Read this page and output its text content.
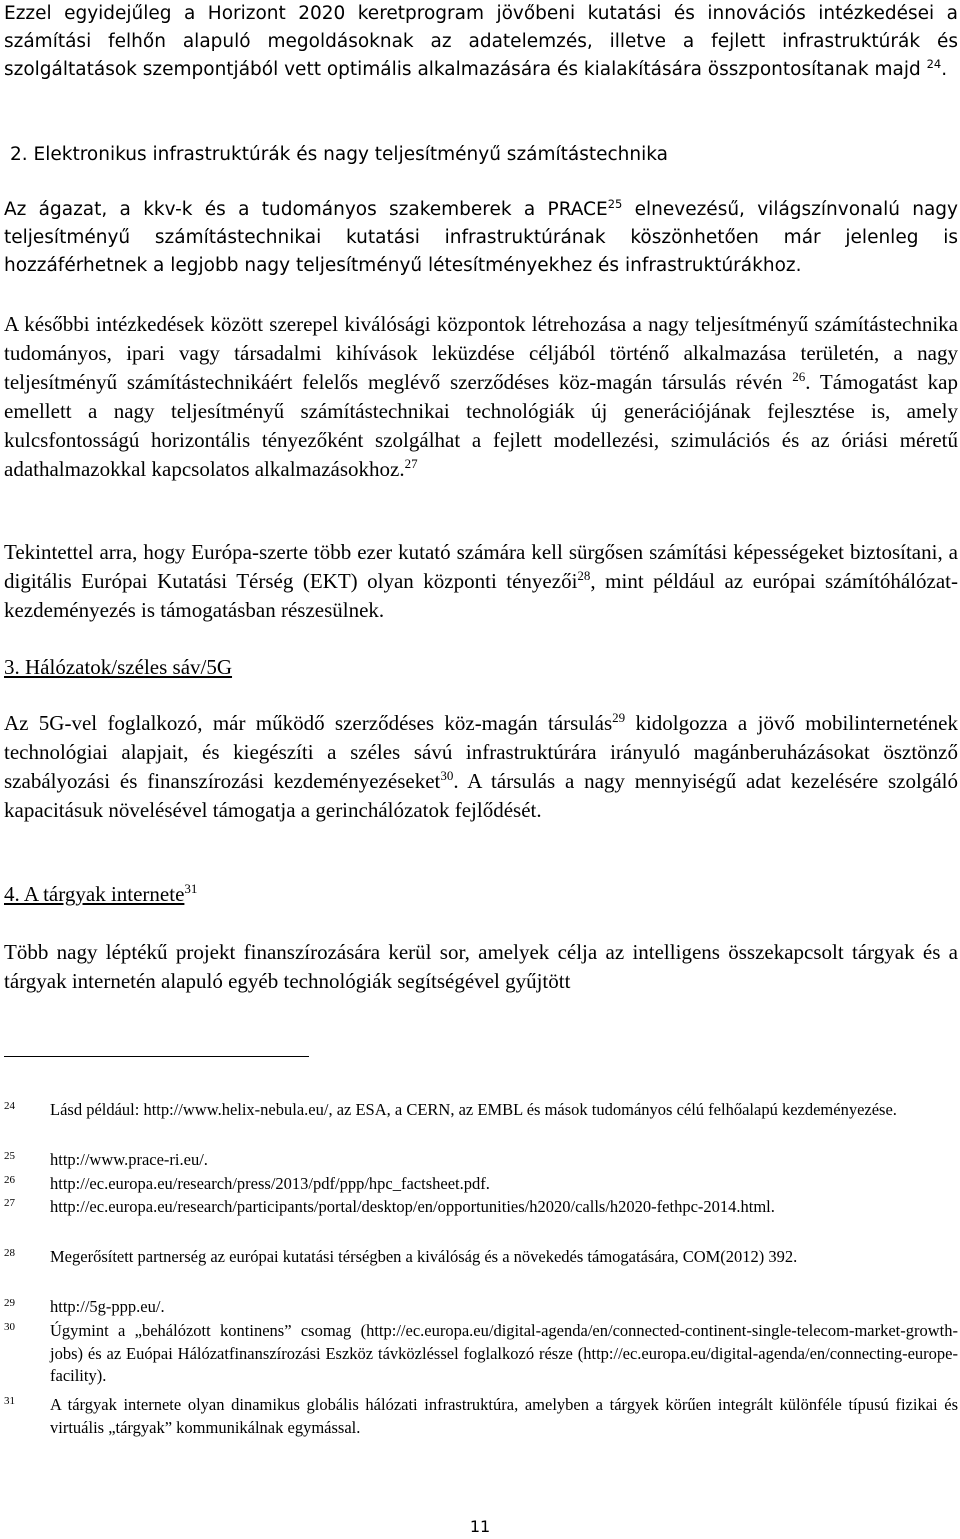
Ezzel egyidejűleg a Horizont 2020 keretprogram jövőbeni kutatási és innovációs intézkedései a számítási felhőn alapuló megoldásoknak az adatelemzés, illetve a fejlett infrastruktúrák és szolgáltatások szempontjából vett optimális alkalmazására és kialakítására összpontosítanak majd $^{24}$.

2. Elektronikus infrastruktúrák és nagy teljesítményű számítástechnika

Az ágazat, a kkv-k és a tudományos szakemberek a PRACE$^{25}$ elnevezésű, világszínvonalú nagy teljesítményű számítástechnikai kutatási infrastruktúrának köszönhetően már jelenleg is hozzáférhetnek a legjobb nagy teljesítményű létesítményekhez és infrastruktúrákhoz.

A későbbi intézkedések között szerepel kiválósági központok létrehozása a nagy teljesítményű számítástechnika tudományos, ipari vagy társadalmi kihívások leküzdése céljából történő alkalmazása területén, a nagy teljesítményű számítástechnikáért felelős meglévő szerződéses köz-magán társulás révén $^{26}$. Támogatást kap emellett a nagy teljesítményű számítástechnikai technológiák új generációjának fejlesztése is, amely kulcsfontosságú horizontális tényezőként szolgálhat a fejlett modellezési, szimulációs és az óriási méretű adathalmazokkal kapcsolatos alkalmazásokhoz.$^{27}$

Tekintettel arra, hogy Európa-szerte több ezer kutató számára kell sürgősen számítási képességeket biztosítani, a digitális Európai Kutatási Térség (EKT) olyan központi tényezői$^{28}$, mint például az európai számítóhálózat-kezdeményezés is támogatásban részesülnek.

3. Hálózatok/széles sáv/5G

Az 5G-vel foglalkozó, már működő szerződéses köz-magán társulás$^{29}$ kidolgozza a jövő mobilinternetének technológiai alapjait, és kiegészíti a széles sávú infrastruktúrára irányuló magánberuházásokat ösztönző szabályozási és finanszírozási kezdeményezéseket$^{30}$. A társulás a nagy mennyiségű adat kezelésére szolgáló kapacitásuk növelésével támogatja a gerinchálózatok fejlődését.

4. A tárgyak internete$^{31}$

Több nagy léptékű projekt finanszírozására kerül sor, amelyek célja az intelligens összekapcsolt tárgyak és a tárgyak internetén alapuló egyéb technológiák segítségével gyűjtött

24 Lásd például: http://www.helix-nebula.eu/, az ESA, a CERN, az EMBL és mások tudományos célú felhőalapú kezdeményezése.
25 http://www.prace-ri.eu/.
26 http://ec.europa.eu/research/press/2013/pdf/ppp/hpc_factsheet.pdf.
27 http://ec.europa.eu/research/participants/portal/desktop/en/opportunities/h2020/calls/h2020-fethpc-2014.html.
28 Megerősített partnerség az európai kutatási térségben a kiválóság és a növekedés támogatására, COM(2012) 392.
29 http://5g-ppp.eu/.
30 Úgymint a „behálózott kontinens” csomag (http://ec.europa.eu/digital-agenda/en/connected-continent-single-telecom-market-growth-jobs) és az Euópai Hálózatfinanszírozási Eszköz távközléssel foglalkozó része (http://ec.europa.eu/digital-agenda/en/connecting-europe-facility).
31 A tárgyak internete olyan dinamikus globális hálózati infrastruktúra, amelyben a tárgyek körűen integrált különféle típusú fizikai és virtuális „tárgyak” kommunikálnak egymással.
11
